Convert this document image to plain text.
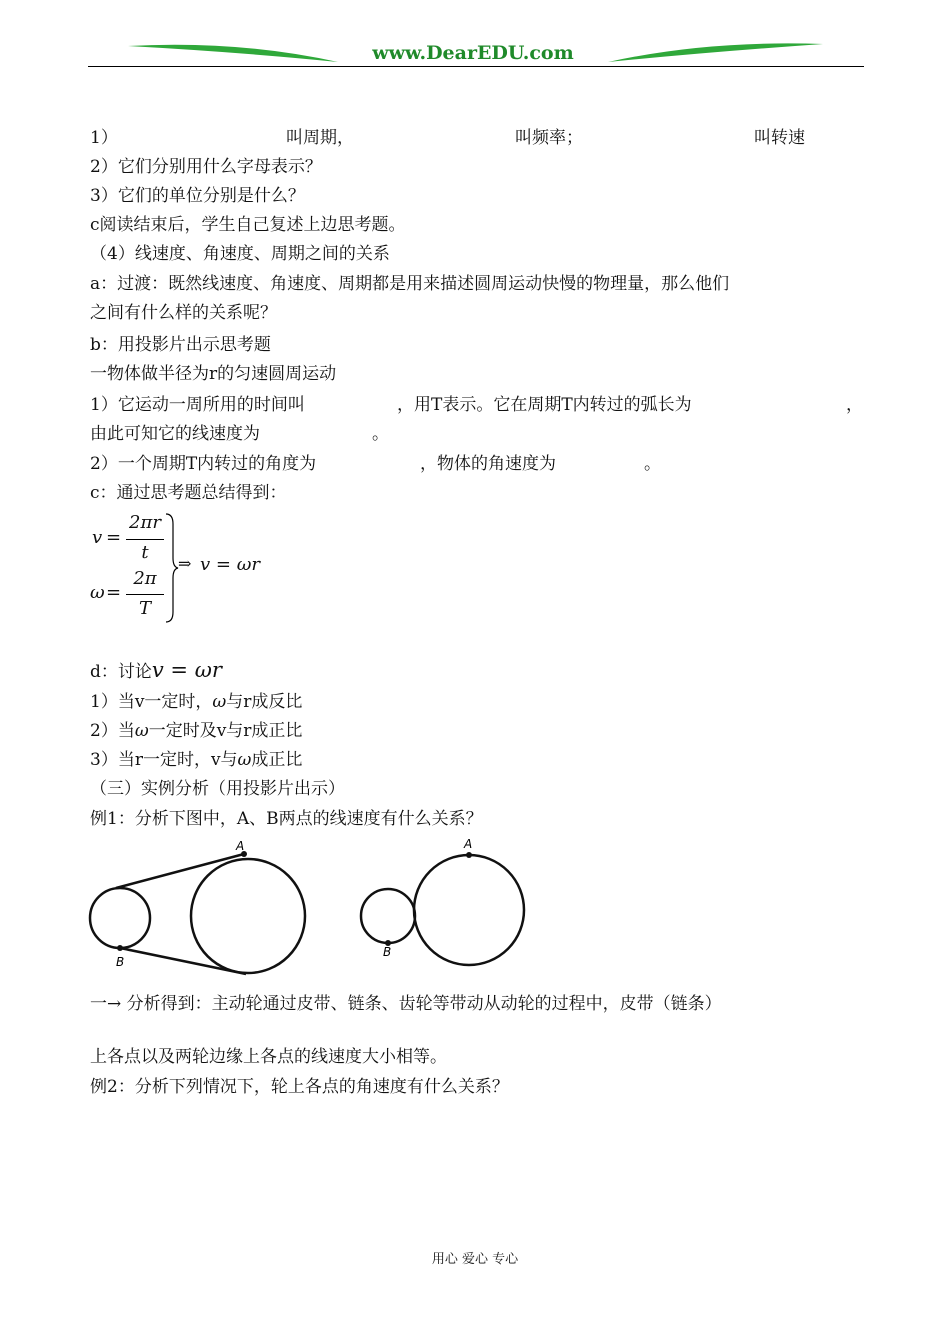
www.DearEDU.com
1）	叫周期，	叫频率；	叫转速
2）它们分别用什么字母表示？
3）它们的单位分别是什么？
c阅读结束后，学生自己复述上边思考题。
（4）线速度、角速度、周期之间的关系
a：过渡：既然线速度、角速度、周期都是用来描述圆周运动快慢的物理量，那么他们
之间有什么样的关系呢？
b：用投影片出示思考题
一物体做半径为r的匀速圆周运动
1）它运动一周所用的时间叫	，用T表示。它在周期T内转过的弧长为	，
由此可知它的线速度为	。
2）一个周期T内转过的角度为	，物体的角速度为	。
c：通过思考题总结得到：
v =
2πr
t
ω =
2π
T
⇒ v = ωr
d：讨论v = ωr
1）当v一定时，ω与r成反比
2）当ω一定时及v与r成正比
3）当r一定时，v与ω成正比
（三）实例分析（用投影片出示）
例1：分析下图中，A、B两点的线速度有什么关系？
A
B
A
B
一→ 分析得到：主动轮通过皮带、链条、齿轮等带动从动轮的过程中，皮带（链条）
上各点以及两轮边缘上各点的线速度大小相等。
例2：分析下列情况下，轮上各点的角速度有什么关系？
用心 爱心 专心
